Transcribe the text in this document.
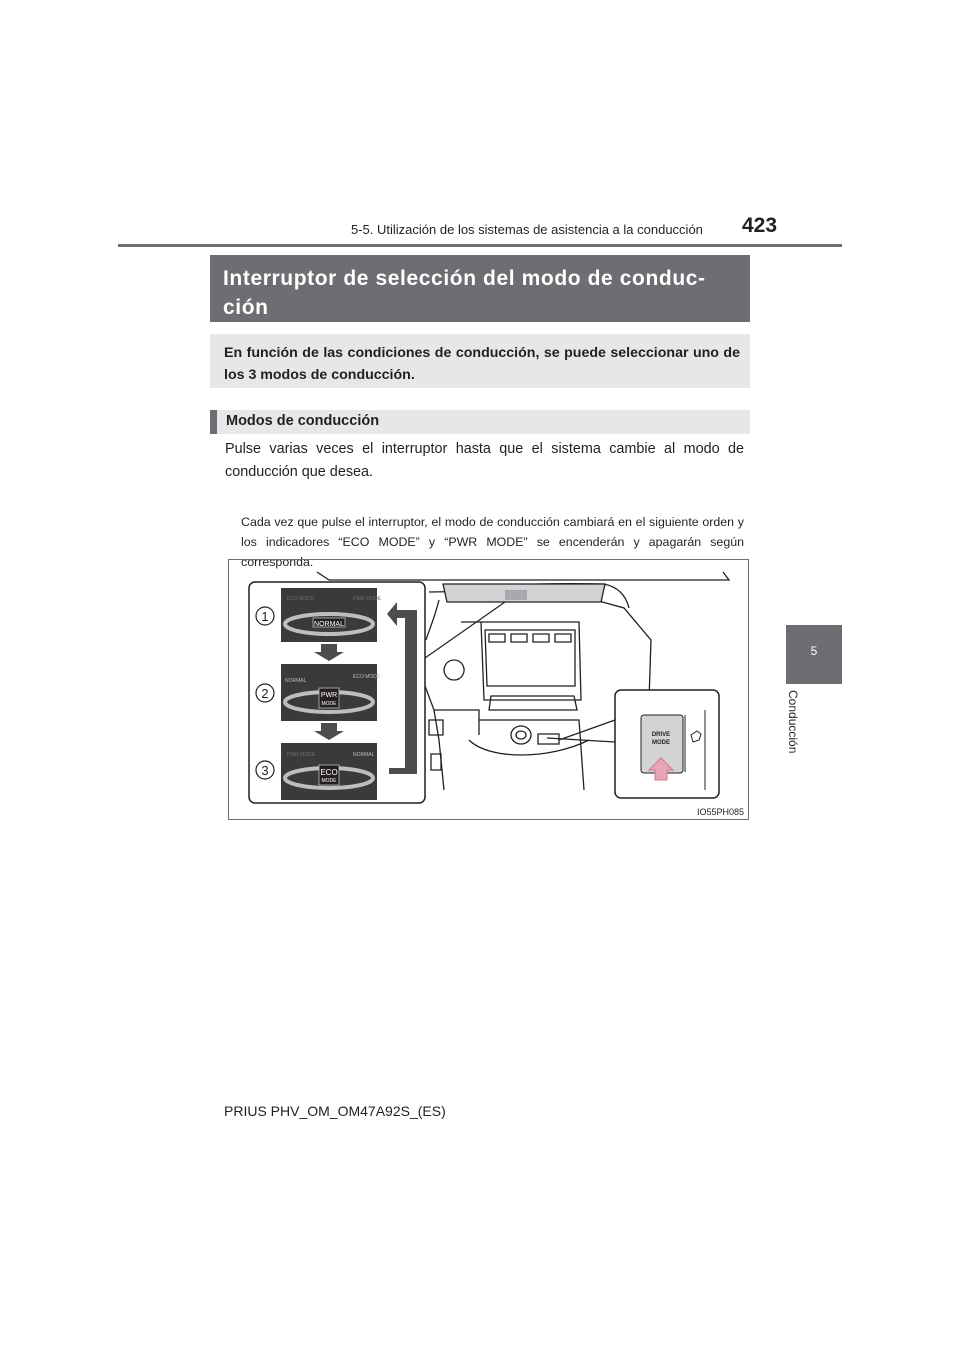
5-5. Utilización de los sistemas de asistencia a la conducción 423
5
Conducción
Interruptor de selección del modo de conduc-
ción

En función de las condiciones de conducción, se puede seleccionar uno de los 3 modos de conducción.

Modos de conducción
Pulse varias veces el interruptor hasta que el sistema cambie al modo de conducción que desea.
Cada vez que pulse el interruptor, el modo de conducción cambiará en el siguiente orden y los indicadores “ECO MODE” y “PWR MODE” se encenderán y apagarán según corresponda.
NORMAL
ECO MODE	PWR MODE
PWR
MODE
NORMAL
ECO MODE
ECO
MODE
PWR MODE	NORMAL
1
2
3
DRIVE
MODE
IO55PH085
PRIUS PHV_OM_OM47A92S_(ES)
